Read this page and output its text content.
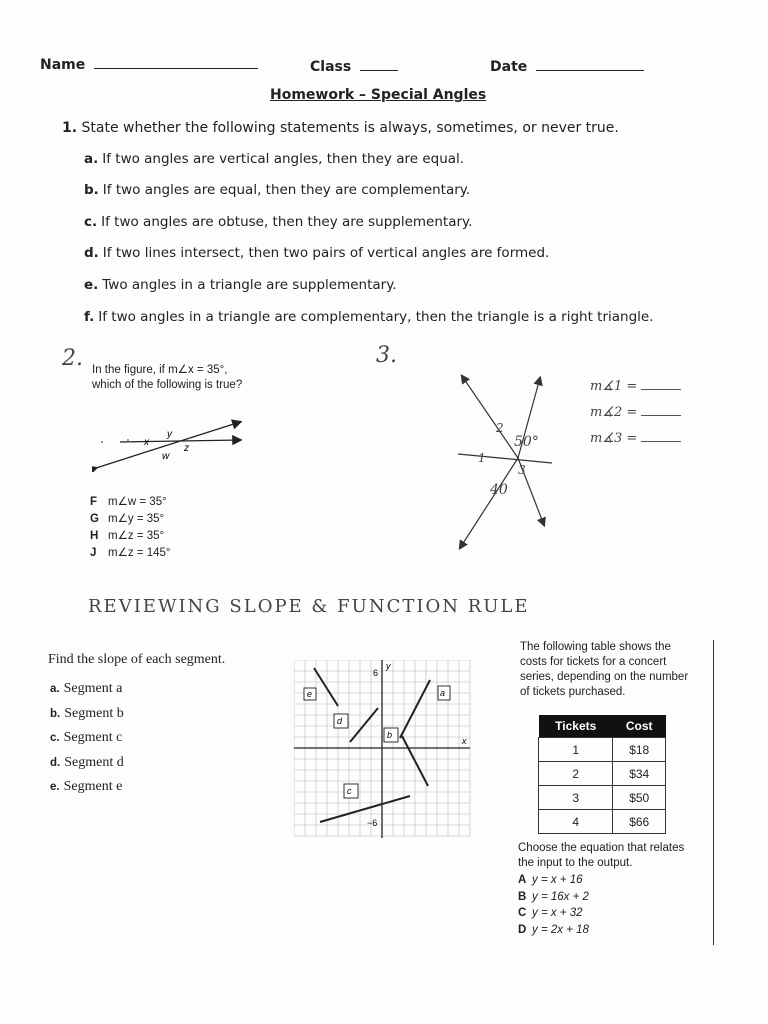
Name	Class	Date
Homework – Special Angles
1. State whether the following statements is always, sometimes, or never true.
a. If two angles are vertical angles, then they are equal.
b. If two angles are equal, then they are complementary.
c. If two angles are obtuse, then they are supplementary.
d. If two lines intersect, then two pairs of vertical angles are formed.
e. Two angles in a triangle are supplementary.
f. If two angles in a triangle are complementary, then the triangle is a right triangle.
2. In the figure, if m∠x = 35°,
which of the following is true?
x
y
z
w
F m∠w = 35°
G m∠y = 35°
H m∠z = 35°
J m∠z = 145°
3.
2
1
3
50°
40
m∡1 =
m∡2 =
m∡3 =
REVIEWING SLOPE & FUNCTION RULE
Find the slope of each segment.
a. Segment a
b. Segment b
c. Segment c
d. Segment d
e. Segment e
y
x
6
−6
e
d
a
b
c
The following table shows the
costs for tickets for a concert
series, depending on the number
of tickets purchased.
Tickets	Cost
1	$18
2	$34
3	$50
4	$66
Choose the equation that relates
the input to the output.
A y = x + 16
B y = 16x + 2
C y = x + 32
D y = 2x + 18
